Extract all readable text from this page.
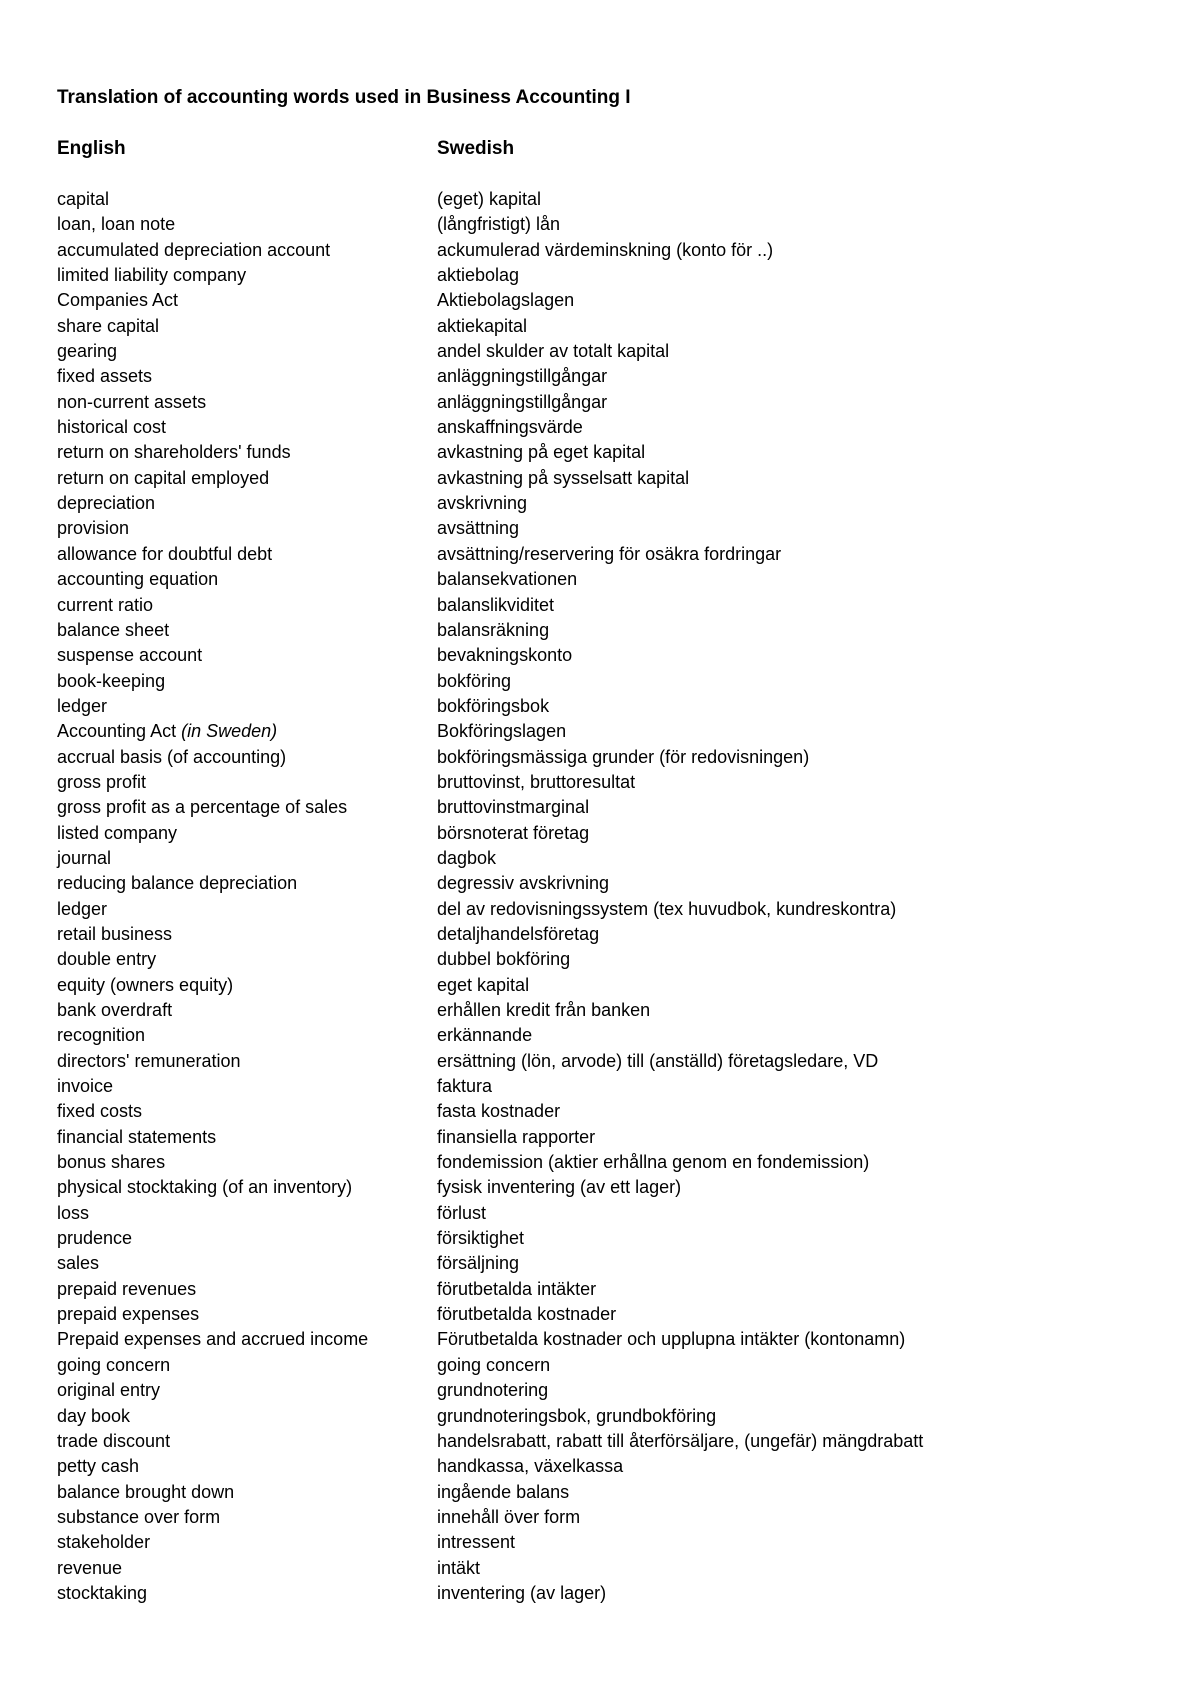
Translation of accounting words used in Business Accounting I
English	Swedish
capital	(eget) kapital
loan, loan note	(långfristigt) lån
accumulated depreciation account	ackumulerad värdeminskning (konto för ..)
limited liability company	aktiebolag
Companies Act	Aktiebolagslagen
share capital	aktiekapital
gearing	andel skulder av totalt kapital
fixed assets	anläggningstillgångar
non-current assets	anläggningstillgångar
historical cost	anskaffningsvärde
return on shareholders' funds	avkastning på eget kapital
return on capital employed	avkastning på sysselsatt kapital
depreciation	avskrivning
provision	avsättning
allowance for doubtful debt	avsättning/reservering för osäkra fordringar
accounting equation	balansekvationen
current ratio	balanslikviditet
balance sheet	balansräkning
suspense account	bevakningskonto
book-keeping	bokföring
ledger	bokföringsbok
Accounting Act (in Sweden)	Bokföringslagen
accrual basis (of accounting)	bokföringsmässiga grunder (för redovisningen)
gross profit	bruttovinst, bruttoresultat
gross profit as a percentage of sales	bruttovinstmarginal
listed company	börsnoterat företag
journal	dagbok
reducing balance depreciation	degressiv avskrivning
ledger	del av redovisningssystem (tex huvudbok, kundreskontra)
retail business	detaljhandelsföretag
double entry	dubbel bokföring
equity (owners equity)	eget kapital
bank overdraft	erhållen kredit från banken
recognition	erkännande
directors' remuneration	ersättning (lön, arvode) till (anställd) företagsledare, VD
invoice	faktura
fixed costs	fasta kostnader
financial statements	finansiella rapporter
bonus shares	fondemission (aktier erhållna genom en fondemission)
physical stocktaking (of an inventory)	fysisk inventering (av ett lager)
loss	förlust
prudence	försiktighet
sales	försäljning
prepaid revenues	förutbetalda intäkter
prepaid expenses	förutbetalda kostnader
Prepaid expenses and accrued income	Förutbetalda kostnader och upplupna intäkter (kontonamn)
going concern	going concern
original entry	grundnotering
day book	grundnoteringsbok, grundbokföring
trade discount	handelsrabatt, rabatt till återförsäljare, (ungefär) mängdrabatt
petty cash	handkassa, växelkassa
balance brought down	ingående balans
substance over form	innehåll över form
stakeholder	intressent
revenue	intäkt
stocktaking	inventering (av lager)
